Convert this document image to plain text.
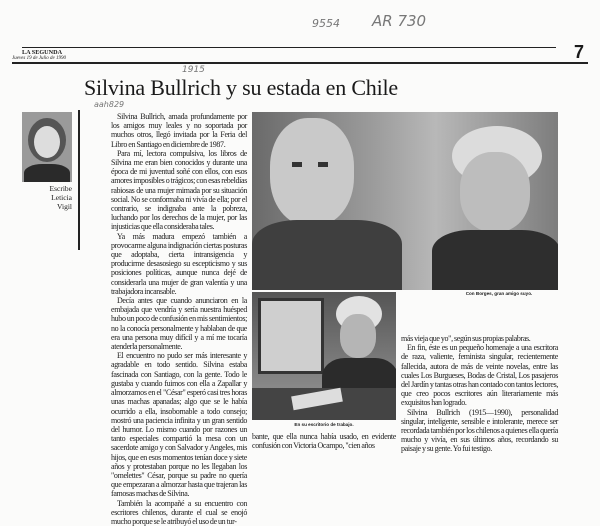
9554 AR 730
LA SEGUNDA
Jueves 19 de Julio de 1990	7
1915
Silvina Bullrich y su estada en Chile
aah829
Escribe
Leticia
Vigil

Silvina Bullrich, amada profundamente por los amigos muy leales y no soportada por muchos otros, llegó invitada por la Feria del Libro en Santiago en diciembre de 1987.

Para mí, lectora compulsiva, los libros de Silvina me eran bien conocidos y durante una época de mi juventud soñé con ellos, con esos amores imposibles o trágicos; con esas rebeldías rabiosas de una mujer mimada por su situación social. No se conformaba ni vivía de ella; por el contrario, se indignaba ante la pobreza, luchando por los derechos de la mujer, por las injusticias que ella consideraba tales.

Ya más madura empezó también a provocarme alguna indignación ciertas posturas que adoptaba, cierta intransigencia y producirme desasosiego su escepticismo y sus posiciones políticas, aunque nunca dejé de considerarla una mujer de gran valentía y una trabajadora incansable.

Decía antes que cuando anunciaron en la embajada que vendría y sería nuestra huésped hubo un poco de confusión en mis sentimientos; no la conocía personalmente y hablaban de que era una persona muy difícil y a mí me tocaría atenderla personalmente.

El encuentro no pudo ser más interesante y agradable en todo sentido. Silvina estaba fascinada con Santiago, con la gente. Todo le gustaba y cuando fuimos con ella a Zapallar y almorzamos en el "César" esperó casi tres horas unas machas apanadas; algo que se le había ocurrido a ella, insobornable a todo consejo; mostró una paciencia infinita y un gran sentido del humor. Lo mismo cuando por razones un tanto especiales compartió la mesa con un sacerdote amigo y con Salvador y Angeles, mis hijos, que en esos momentos tenían doce y siete años y protestaban porque no les llegaban los "omelettes" César, porque su padre no quería que empezaran a almorzar hasta que trajeran las famosas machas de Silvina.

También la acompañé a su encuentro con escritores chilenos, durante el cual se enojó mucho porque se le atribuyó el uso de un tur-

Con Borges, gran amigo suyo.
En su escritorio de trabajo.

bante, que ella nunca había usado, en evidente confusión con Victoria Ocampo, "cien años

más vieja que yo", según sus propias palabras.

En fin, éste es un pequeño homenaje a una escritora de raza, valiente, feminista singular, recientemente fallecida, autora de más de veinte novelas, entre las cuales Los Burgueses, Bodas de Cristal, Los pasajeros del Jardín y tantas otras han contado con tantos lectores, que creo pocos escritores aún literariamente más exquisitos han logrado.

Silvina Bullrich (1915—1990), personalidad singular, inteligente, sensible e intolerante, merece ser recordada también por los chilenos a quienes ella quería mucho y vivía, en sus últimos años, recordando su paisaje y su gente. Yo fui testigo.
